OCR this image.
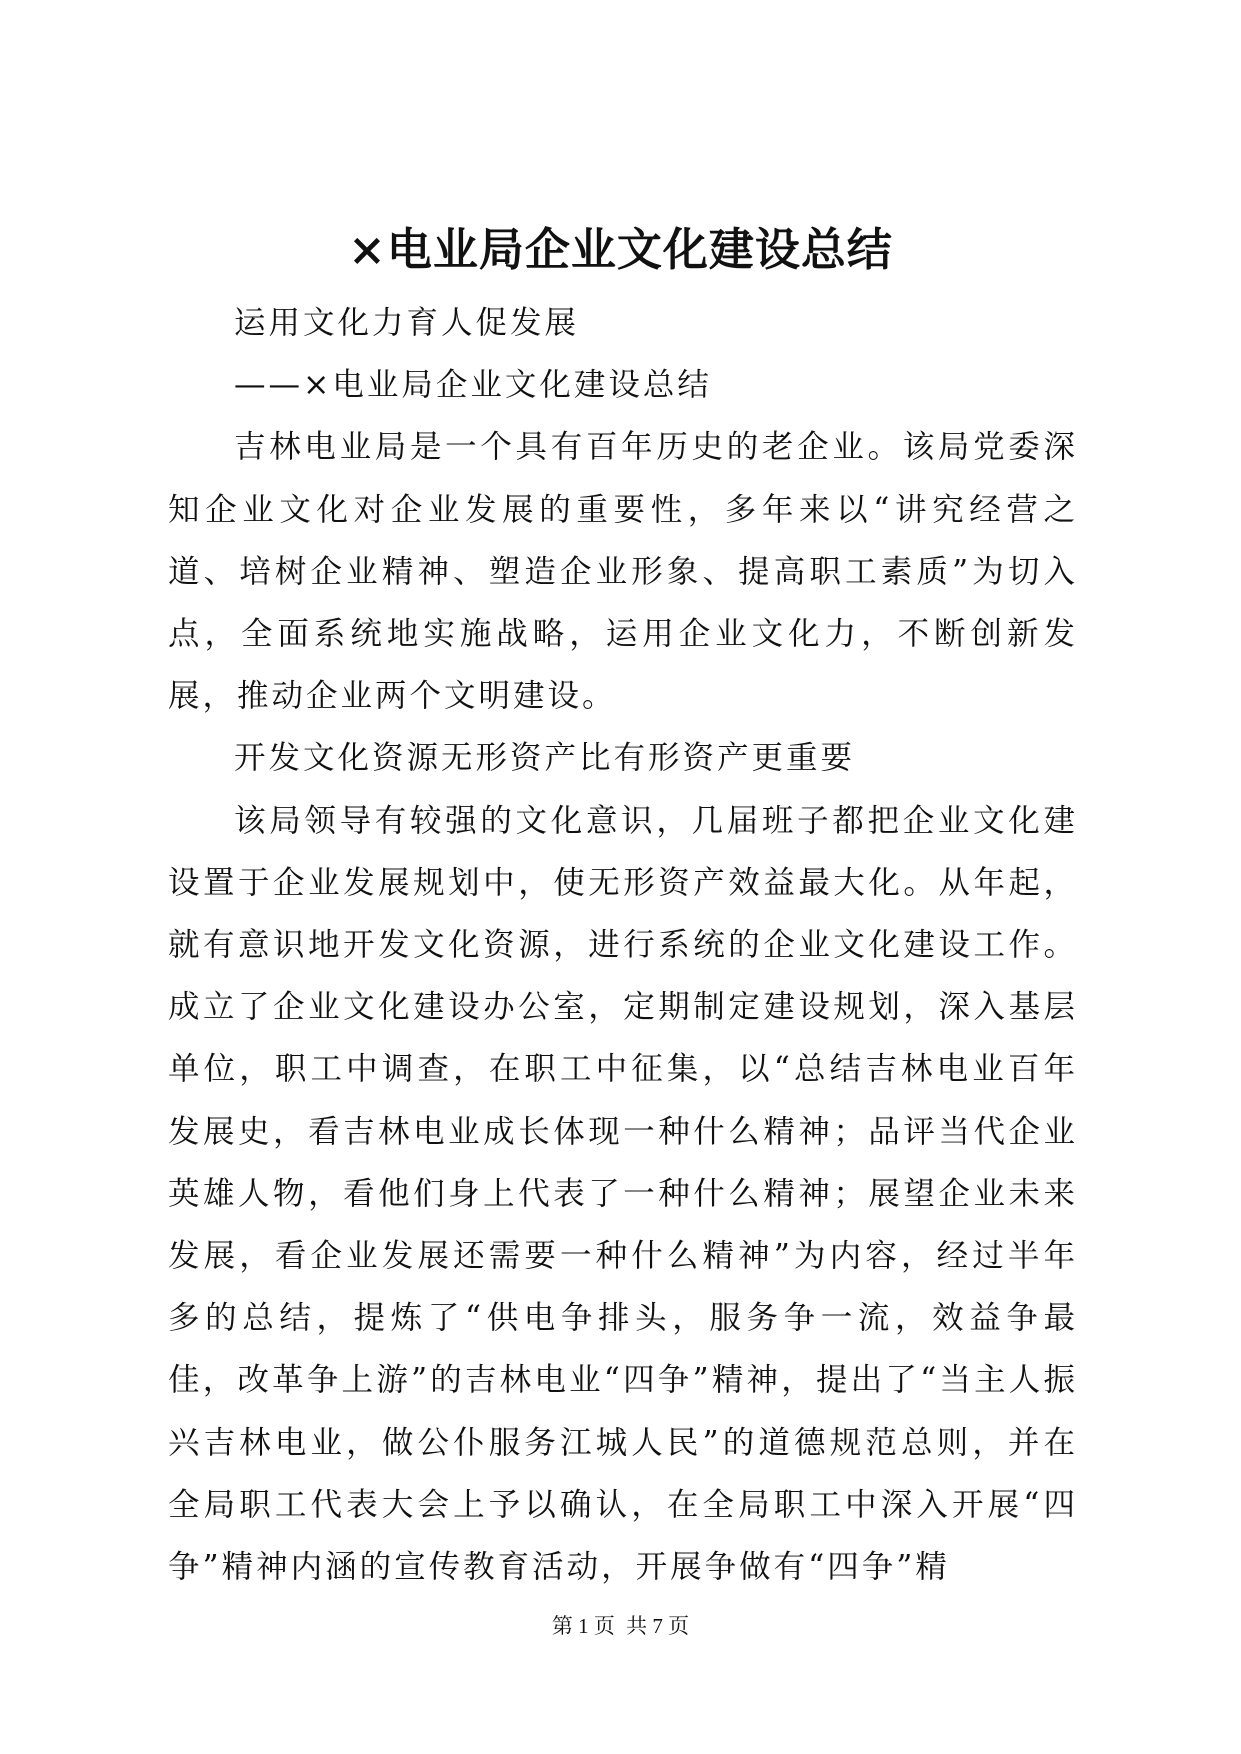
×电业局企业文化建设总结

运用文化力育人促发展

——×电业局企业文化建设总结

吉林电业局是一个具有百年历史的老企业。该局党委深知企业文化对企业发展的重要性，多年来以“讲究经营之道、培树企业精神、塑造企业形象、提高职工素质”为切入点，全面系统地实施战略，运用企业文化力，不断创新发展，推动企业两个文明建设。

开发文化资源无形资产比有形资产更重要

该局领导有较强的文化意识，几届班子都把企业文化建设置于企业发展规划中，使无形资产效益最大化。从年起，就有意识地开发文化资源，进行系统的企业文化建设工作。成立了企业文化建设办公室，定期制定建设规划，深入基层单位，职工中调查，在职工中征集，以“总结吉林电业百年发展史，看吉林电业成长体现一种什么精神；品评当代企业英雄人物，看他们身上代表了一种什么精神；展望企业未来发展，看企业发展还需要一种什么精神”为内容，经过半年多的总结，提炼了“供电争排头，服务争一流，效益争最佳，改革争上游”的吉林电业“四争”精神，提出了“当主人振兴吉林电业，做公仆服务江城人民”的道德规范总则，并在全局职工代表大会上予以确认，在全局职工中深入开展“四争”精神内涵的宣传教育活动，开展争做有“四争”精

第 1 页 共 7 页
